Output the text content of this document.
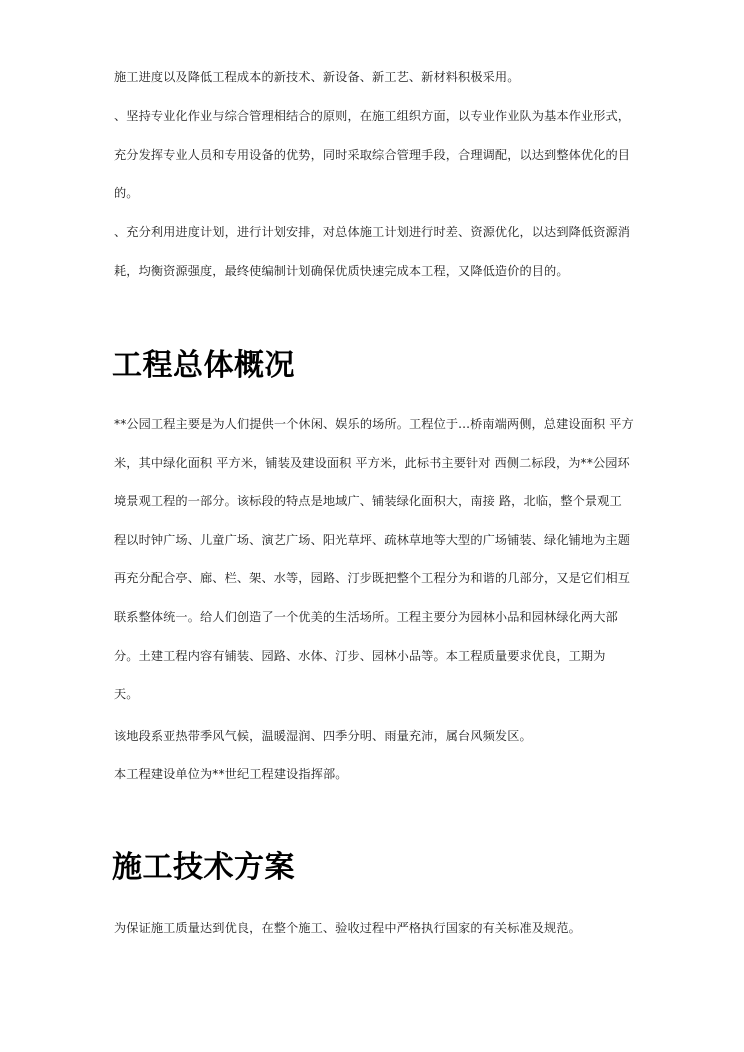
施工进度以及降低工程成本的新技术、新设备、新工艺、新材料积极采用。

、坚持专业化作业与综合管理相结合的原则，在施工组织方面，以专业作业队为基本作业形式，充分发挥专业人员和专用设备的优势，同时采取综合管理手段，合理调配，以达到整体优化的目的。

、充分利用进度计划，进行计划安排，对总体施工计划进行时差、资源优化，以达到降低资源消耗，均衡资源强度，最终使编制计划确保优质快速完成本工程，又降低造价的目的。

工程总体概况

**公园工程主要是为人们提供一个休闲、娱乐的场所。工程位于...桥南端两侧，总建设面积 平方米，其中绿化面积 平方米，铺装及建设面积 平方米，此标书主要针对 西侧二标段，为**公园环境景观工程的一部分。该标段的特点是地域广、铺装绿化面积大，南接 路，北临，整个景观工程以时钟广场、儿童广场、演艺广场、阳光草坪、疏林草地等大型的广场铺装、绿化铺地为主题再充分配合亭、廊、栏、架、水等，园路、汀步既把整个工程分为和谐的几部分，又是它们相互联系整体统一。给人们创造了一个优美的生活场所。工程主要分为园林小品和园林绿化两大部分。土建工程内容有铺装、园路、水体、汀步、园林小品等。本工程质量要求优良，工期为 天。

该地段系亚热带季风气候，温暖湿润、四季分明、雨量充沛，属台风频发区。

本工程建设单位为**世纪工程建设指挥部。

施工技术方案

为保证施工质量达到优良，在整个施工、验收过程中严格执行国家的有关标准及规范。
